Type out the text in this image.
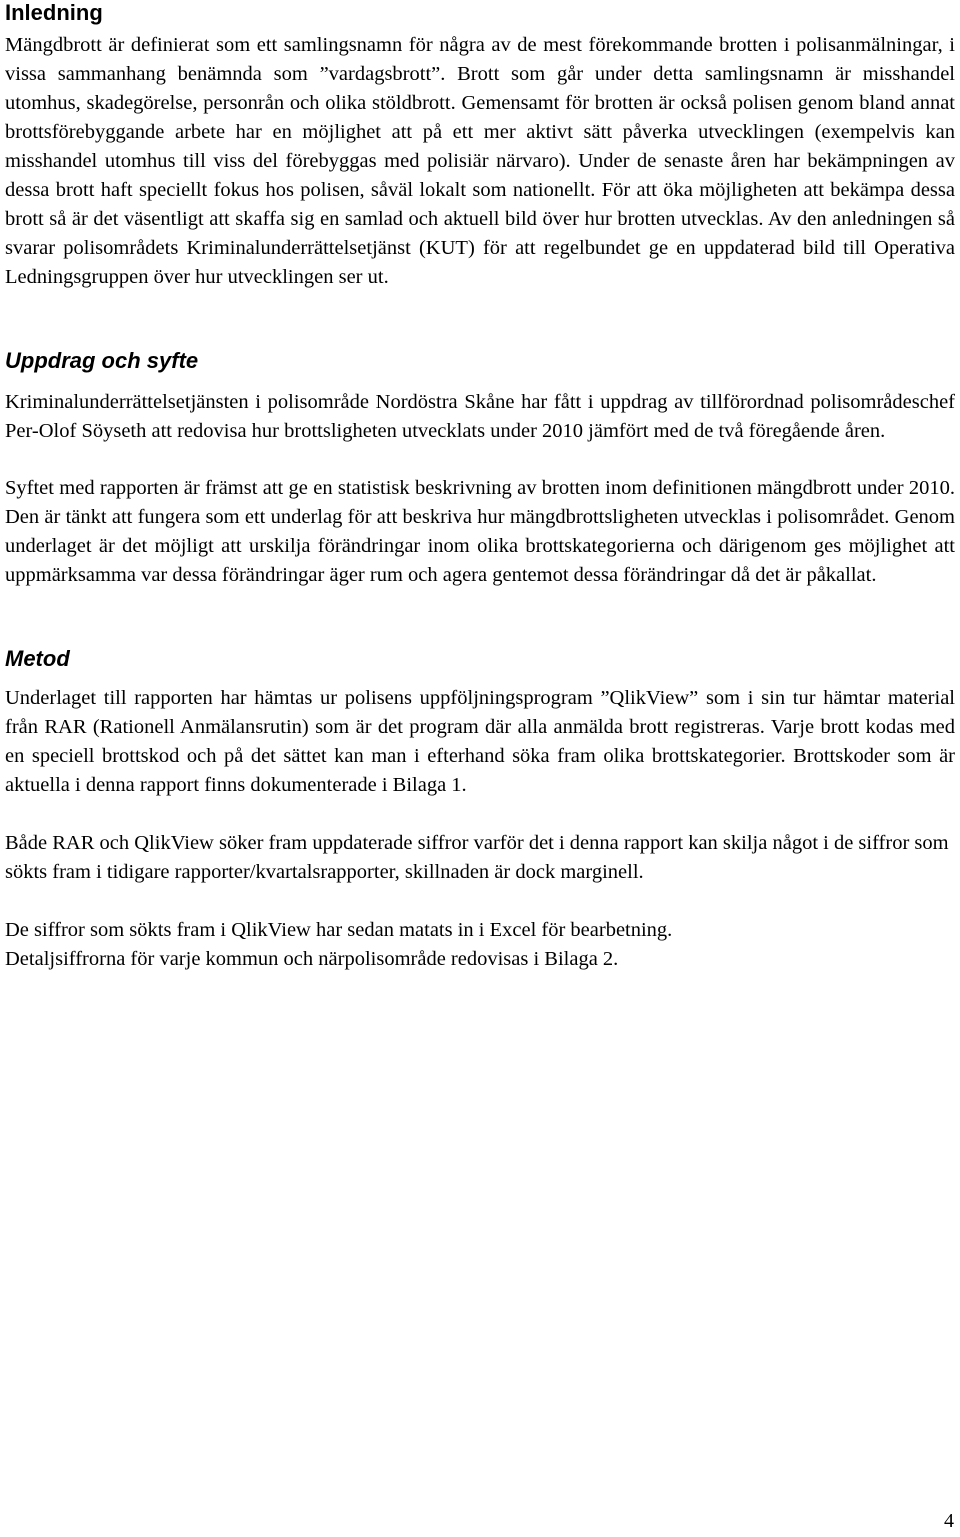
Inledning

Mängdbrott är definierat som ett samlingsnamn för några av de mest förekommande brotten i polisanmälningar, i vissa sammanhang benämnda som ”vardagsbrott”. Brott som går under detta samlingsnamn är misshandel utomhus, skadegörelse, personrån och olika stöldbrott. Gemensamt för brotten är också polisen genom bland annat brottsförebyggande arbete har en möjlighet att på ett mer aktivt sätt påverka utvecklingen (exempelvis kan misshandel utomhus till viss del förebyggas med polisiär närvaro). Under de senaste åren har bekämpningen av dessa brott haft speciellt fokus hos polisen, såväl lokalt som nationellt. För att öka möjligheten att bekämpa dessa brott så är det väsentligt att skaffa sig en samlad och aktuell bild över hur brotten utvecklas. Av den anledningen så svarar polisområdets Kriminalunderrättelsetjänst (KUT) för att regelbundet ge en uppdaterad bild till Operativa Ledningsgruppen över hur utvecklingen ser ut.

Uppdrag och syfte

Kriminalunderrättelsetjänsten i polisområde Nordöstra Skåne har fått i uppdrag av tillförordnad polisområdeschef Per-Olof Söyseth att redovisa hur brottsligheten utvecklats under 2010 jämfört med de två föregående åren.

Syftet med rapporten är främst att ge en statistisk beskrivning av brotten inom definitionen mängdbrott under 2010. Den är tänkt att fungera som ett underlag för att beskriva hur mängdbrottsligheten utvecklas i polisområdet. Genom underlaget är det möjligt att urskilja förändringar inom olika brottskategorierna och därigenom ges möjlighet att uppmärksamma var dessa förändringar äger rum och agera gentemot dessa förändringar då det är påkallat.

Metod

Underlaget till rapporten har hämtas ur polisens uppföljningsprogram ”QlikView” som i sin tur hämtar material från RAR (Rationell Anmälansrutin) som är det program där alla anmälda brott registreras. Varje brott kodas med en speciell brottskod och på det sättet kan man i efterhand söka fram olika brottskategorier. Brottskoder som är aktuella i denna rapport finns dokumenterade i Bilaga 1.

Både RAR och QlikView söker fram uppdaterade siffror varför det i denna rapport kan skilja något i de siffror som sökts fram i tidigare rapporter/kvartalsrapporter, skillnaden är dock marginell.

De siffror som sökts fram i QlikView har sedan matats in i Excel för bearbetning.
Detaljsiffrorna för varje kommun och närpolisområde redovisas i Bilaga 2.

4
